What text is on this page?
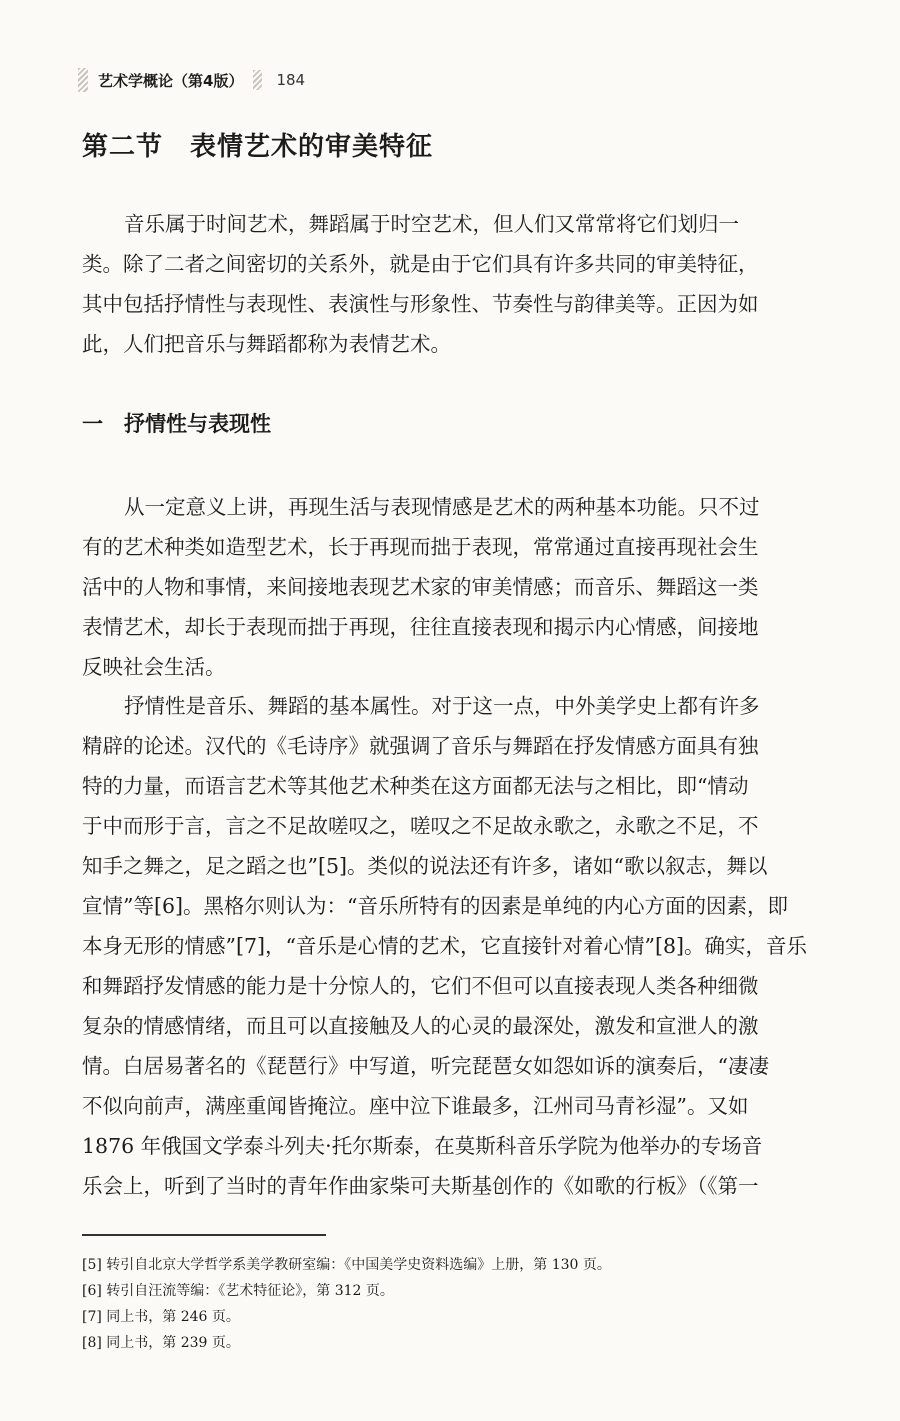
艺术学概论（第4版） 184
第二节　表情艺术的审美特征
音乐属于时间艺术，舞蹈属于时空艺术，但人们又常常将它们划归一
类。除了二者之间密切的关系外，就是由于它们具有许多共同的审美特征，
其中包括抒情性与表现性、表演性与形象性、节奏性与韵律美等。正因为如
此，人们把音乐与舞蹈都称为表情艺术。
一　抒情性与表现性
从一定意义上讲，再现生活与表现情感是艺术的两种基本功能。只不过
有的艺术种类如造型艺术，长于再现而拙于表现，常常通过直接再现社会生
活中的人物和事情，来间接地表现艺术家的审美情感；而音乐、舞蹈这一类
表情艺术，却长于表现而拙于再现，往往直接表现和揭示内心情感，间接地
反映社会生活。
抒情性是音乐、舞蹈的基本属性。对于这一点，中外美学史上都有许多
精辟的论述。汉代的《毛诗序》就强调了音乐与舞蹈在抒发情感方面具有独
特的力量，而语言艺术等其他艺术种类在这方面都无法与之相比，即“情动
于中而形于言，言之不足故嗟叹之，嗟叹之不足故永歌之，永歌之不足，不
知手之舞之，足之蹈之也”[5]。类似的说法还有许多，诸如“歌以叙志，舞以
宣情”等[6]。黑格尔则认为：“音乐所特有的因素是单纯的内心方面的因素，即
本身无形的情感”[7]，“音乐是心情的艺术，它直接针对着心情”[8]。确实，音乐
和舞蹈抒发情感的能力是十分惊人的，它们不但可以直接表现人类各种细微
复杂的情感情绪，而且可以直接触及人的心灵的最深处，激发和宣泄人的激
情。白居易著名的《琵琶行》中写道，听完琵琶女如怨如诉的演奏后，“凄凄
不似向前声，满座重闻皆掩泣。座中泣下谁最多，江州司马青衫湿”。又如
1876 年俄国文学泰斗列夫·托尔斯泰，在莫斯科音乐学院为他举办的专场音
乐会上，听到了当时的青年作曲家柴可夫斯基创作的《如歌的行板》（《第一
[5] 转引自北京大学哲学系美学教研室编：《中国美学史资料选编》上册，第 130 页。
[6] 转引自汪流等编：《艺术特征论》，第 312 页。
[7] 同上书，第 246 页。
[8] 同上书，第 239 页。
